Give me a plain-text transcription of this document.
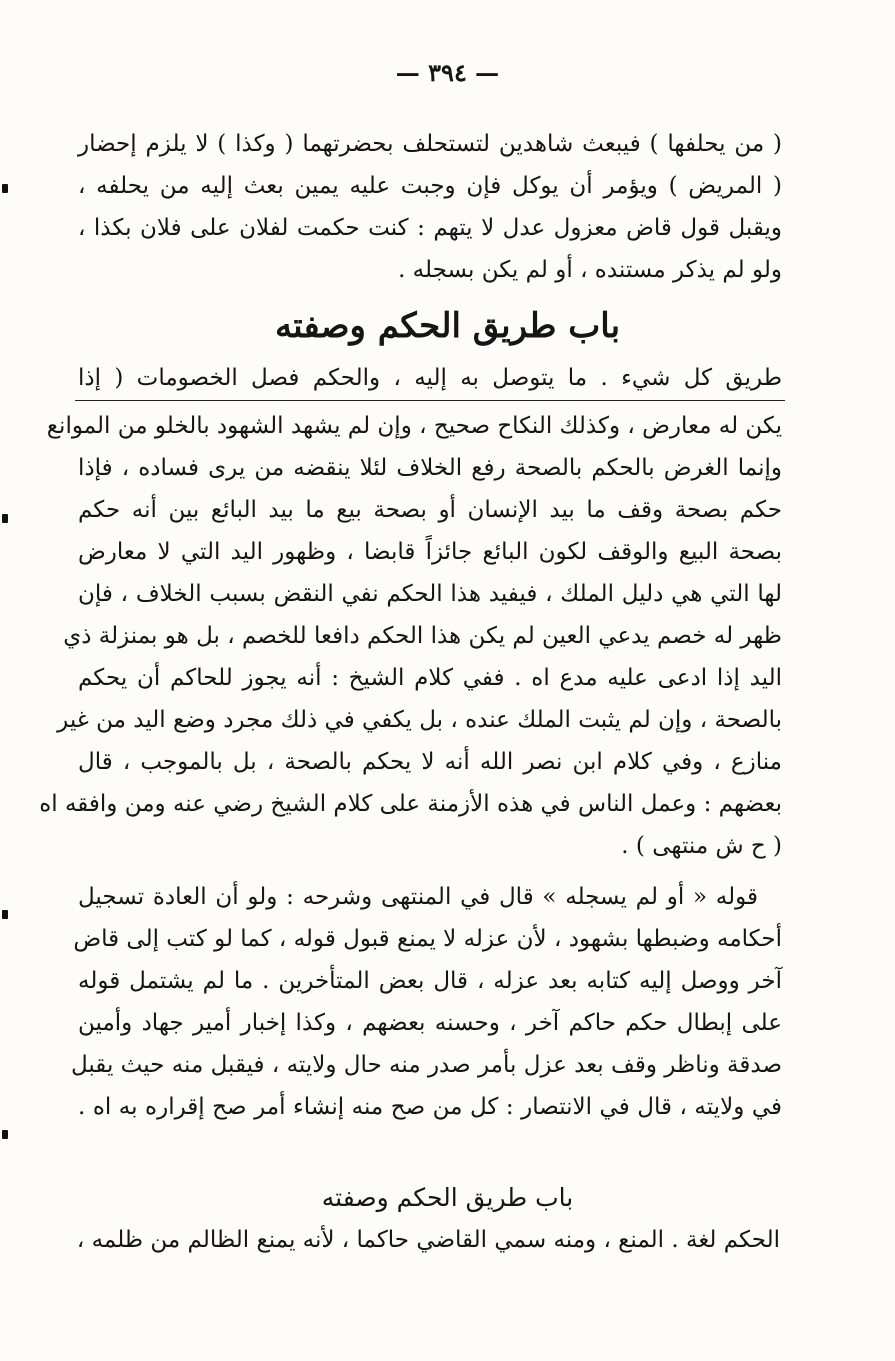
— ٣٩٤ —
( من يحلفها ) فيبعث شاهدين لتستحلف بحضرتهما ( وكذا ) لا يلزم إحضار
( المريض ) ويؤمر أن يوكل فإن وجبت عليه يمين بعث إليه من يحلفه ،
ويقبل قول قاض معزول عدل لا يتهم : كنت حكمت لفلان على فلان بكذا ،
ولو لم يذكر مستنده ، أو لم يكن بسجله .
باب طريق الحكم وصفته
طريق كل شيء . ما يتوصل به إليه ، والحكم فصل الخصومات ( إذا
يكن له معارض ، وكذلك النكاح صحيح ، وإن لم يشهد الشهود بالخلو من الموانع
وإنما الغرض بالحكم بالصحة رفع الخلاف لئلا ينقضه من يرى فساده ، فإذا
حكم بصحة وقف ما بيد الإنسان أو بصحة بيع ما بيد البائع بين أنه حكم
بصحة البيع والوقف لكون البائع جائزاً قابضا ، وظهور اليد التي لا معارض
لها التي هي دليل الملك ، فيفيد هذا الحكم نفي النقض بسبب الخلاف ، فإن
ظهر له خصم يدعي العين لم يكن هذا الحكم دافعا للخصم ، بل هو بمنزلة ذي
اليد إذا ادعى عليه مدع اه . ففي كلام الشيخ : أنه يجوز للحاكم أن يحكم
بالصحة ، وإن لم يثبت الملك عنده ، بل يكفي في ذلك مجرد وضع اليد من غير
منازع ، وفي كلام ابن نصر الله أنه لا يحكم بالصحة ، بل بالموجب ، قال
بعضهم : وعمل الناس في هذه الأزمنة على كلام الشيخ رضي عنه ومن وافقه اه
( ح ش منتهى ) .
قوله « أو لم يسجله » قال في المنتهى وشرحه : ولو أن العادة تسجيل
أحكامه وضبطها بشهود ، لأن عزله لا يمنع قبول قوله ، كما لو كتب إلى قاض
آخر ووصل إليه كتابه بعد عزله ، قال بعض المتأخرين . ما لم يشتمل قوله
على إبطال حكم حاكم آخر ، وحسنه بعضهم ، وكذا إخبار أمير جهاد وأمين
صدقة وناظر وقف بعد عزل بأمر صدر منه حال ولايته ، فيقبل منه حيث يقبل
في ولايته ، قال في الانتصار : كل من صح منه إنشاء أمر صح إقراره به اه .
باب طريق الحكم وصفته
الحكم لغة . المنع ، ومنه سمي القاضي حاكما ، لأنه يمنع الظالم من ظلمه ،
